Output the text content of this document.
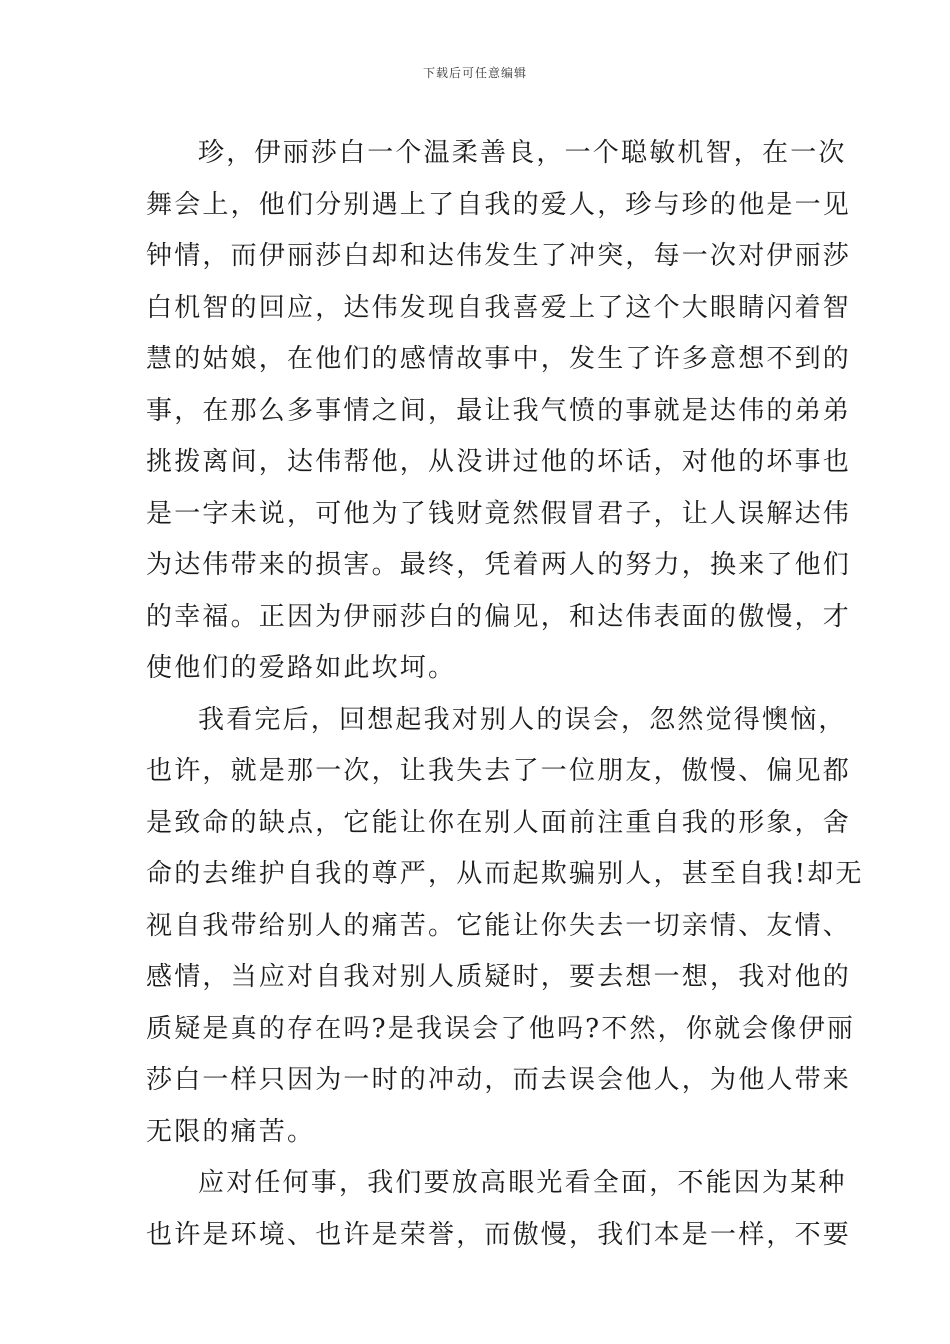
下载后可任意编辑
珍，伊丽莎白一个温柔善良，一个聪敏机智，在一次
舞会上，他们分别遇上了自我的爱人，珍与珍的他是一见
钟情，而伊丽莎白却和达伟发生了冲突，每一次对伊丽莎
白机智的回应，达伟发现自我喜爱上了这个大眼睛闪着智
慧的姑娘，在他们的感情故事中，发生了许多意想不到的
事，在那么多事情之间，最让我气愤的事就是达伟的弟弟
挑拨离间，达伟帮他，从没讲过他的坏话，对他的坏事也
是一字未说，可他为了钱财竟然假冒君子，让人误解达伟
为达伟带来的损害。最终，凭着两人的努力，换来了他们
的幸福。正因为伊丽莎白的偏见，和达伟表面的傲慢，才
使他们的爱路如此坎坷。
我看完后，回想起我对别人的误会，忽然觉得懊恼，
也许，就是那一次，让我失去了一位朋友，傲慢、偏见都
是致命的缺点，它能让你在别人面前注重自我的形象，舍
命的去维护自我的尊严，从而起欺骗别人，甚至自我!却无
视自我带给别人的痛苦。它能让你失去一切亲情、友情、
感情，当应对自我对别人质疑时，要去想一想，我对他的
质疑是真的存在吗?是我误会了他吗?不然，你就会像伊丽
莎白一样只因为一时的冲动，而去误会他人，为他人带来
无限的痛苦。
应对任何事，我们要放高眼光看全面，不能因为某种
也许是环境、也许是荣誉，而傲慢，我们本是一样，不要
